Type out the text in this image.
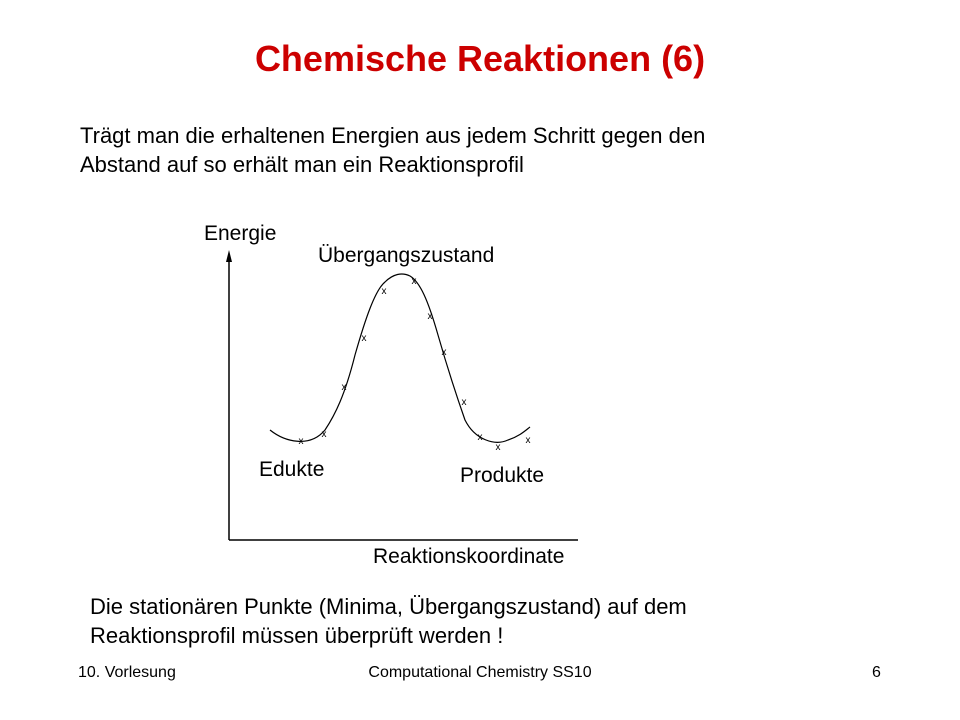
Chemische Reaktionen (6)
Trägt man die erhaltenen Energien aus jedem Schritt gegen den
Abstand auf so erhält man ein Reaktionsprofil
x
x
x
x
x
x
x
x
x
x
x
x
Energie
Übergangszustand
Edukte	Produkte
Reaktionskoordinate
Die stationären Punkte (Minima, Übergangszustand) auf dem
Reaktionsprofil müssen überprüft werden !
10. Vorlesung	Computational Chemistry SS10	6
